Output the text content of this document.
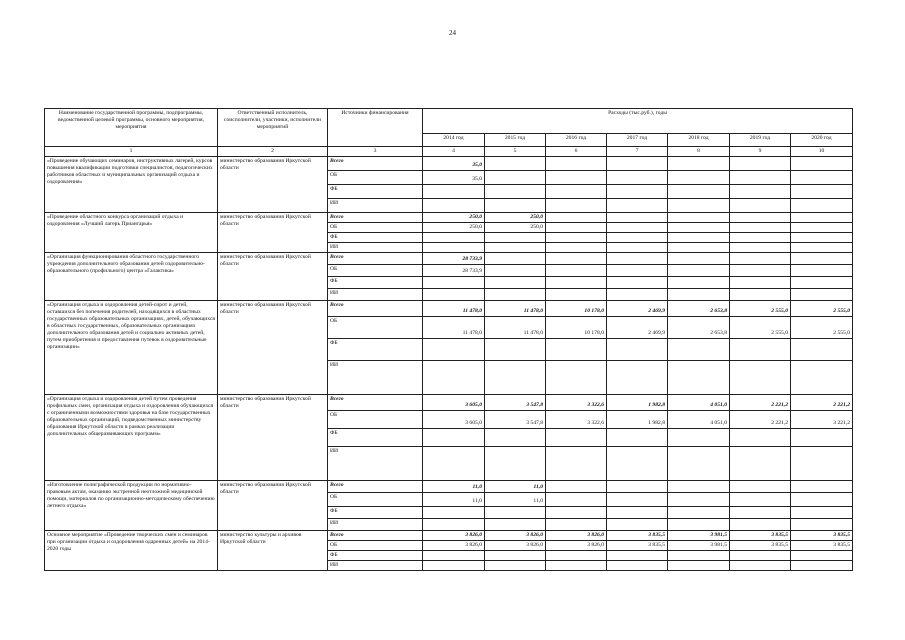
24
Наименование государственной программы, подпрограммы, ведомственной целевой программы, основного мероприятия, мероприятия	Ответственный исполнитель, соисполнители, участники, исполнители мероприятий	Источники финансирования	Расходы (тыс.руб.), годы						
			2014 год	2015 год	2016 год	2017 год	2018 год	2019 год	2020 год
1	2	3	4	5	6	7	8	9	10
«Проведение обучающих семинаров, инструктивных лагерей, курсов повышения квалификации подготовки специалистов, педагогических работников областных и муниципальных организаций отдыха и оздоровления»	министерство образования Иркутской области	Всего	35,0						
		ОБ	35,0						
		ФБ							
		ИИ							
«Проведение областного конкурса организаций отдыха и оздоровления «Лучший лагерь Приангарья»	министерство образования Иркутской области	Всего	250,0	250,0					
		ОБ	250,0	250,0					
		ФБ							
		ИИ							
«Организация функционирования областного государственного учреждения дополнительного образования детей оздоровительно-образовательного (профильного) центра «Галактика»	министерство образования Иркутской области	Всего	28 733,9						
		ОБ	28 733,9						
		ФБ							
		ИИ							
«Организация отдыха и оздоровления детей-сирот и детей, оставшихся без попечения родителей, находящихся в областных государственных образовательных организациях, детей, обучающихся в областных государственных, образовательных организациях дополнительного образования детей и социально активных детей, путем приобретения и предоставления путевок в оздоровительные организации»	министерство образования Иркутской области	Всего	11 478,0	11 478,0	10 178,0	2 469,9	2 653,8	2 555,0	2 555,0
		ОБ	11 478,0	11 478,0	10 178,0	2 469,9	2 653,8	2 555,0	2 555,0
		ФБ							
		ИИ							
«Организация отдыха и оздоровления детей путем проведения профильных смен, организация отдыха и оздоровления обучающихся с ограниченными возможностями здоровья на базе государственных образовательных организаций, подведомственных министерству образования Иркутской области в рамках реализации дополнительных общеразвивающих программ»	министерство образования Иркутской области	Всего	3 605,0	3 547,8	3 322,6	1 982,8	4 051,0	2 221,2	2 221,2
		ОБ	3 605,0	3 547,8	3 322,6	1 982,8	4 051,0	2 221,2	3 221,2
		ФБ							
		ИИ							
«Изготовление полиграфической продукции по нормативно-правовым актам, оказанию экстренной неотложной медицинской помощи, материалов по организационно-методическому обеспечению летнего отдыха»	министерство образования Иркутской области	Всего	11,0	11,0					
		ОБ	11,0	11,0					
		ФБ							
		ИИ							
Основное мероприятие «Проведение творческих смен и семинаров при организации отдыха и оздоровления одаренных детей» на 2014-2020 годы	министерство культуры и архивов Иркутской области	Всего	3 826,0	3 826,0	3 826,0	3 835,5	3 981,5	3 835,5	3 835,5
		ОБ	3 826,0	3 826,0	3 826,0	3 835,5	3 981,5	3 835,5	3 835,5
		ФБ							
		ИИ							
